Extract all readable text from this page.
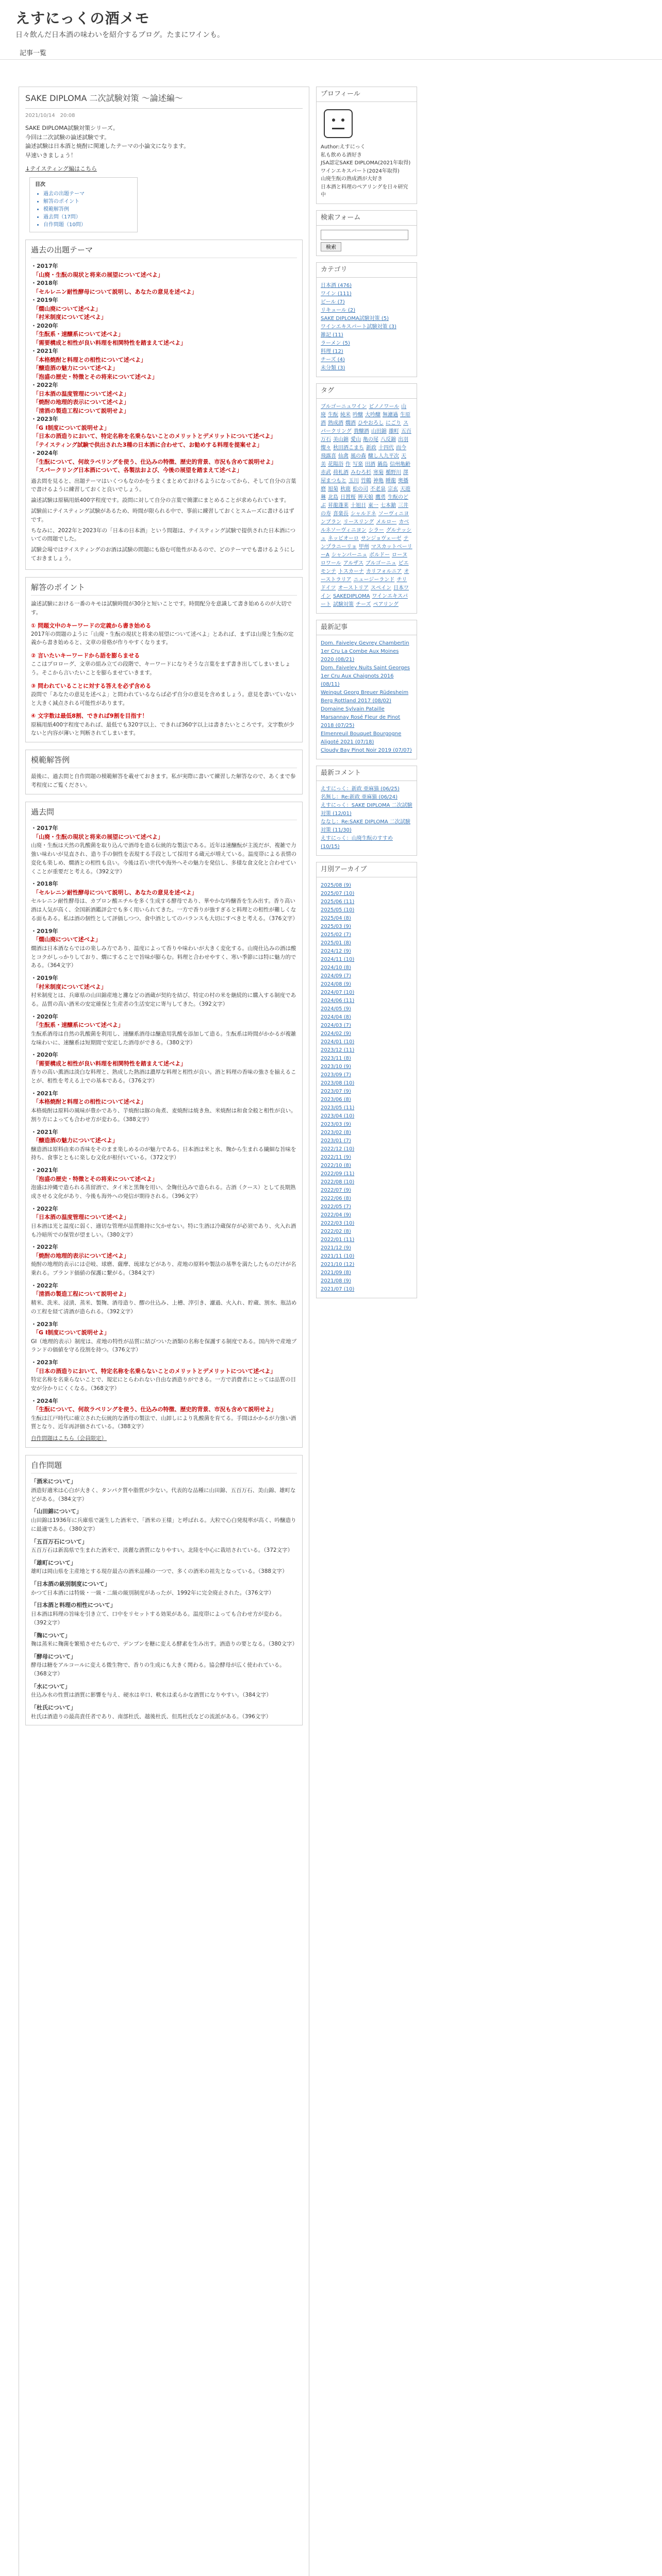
えすにっくの酒メモ
日々飲んだ日本酒の味わいを紹介するブログ。たまにワインも。
記事一覧
SAKE DIPLOMA 二次試験対策 〜論述編〜
2021/10/14　20:08
SAKE DIPLOMA試験対策シリーズ。
今回は二次試験の論述試験です。
論述試験は日本酒と焼酎に関連したテーマの小論文になります。
早速いきましょう！
↓テイスティング編はこちら
目次
• 過去の出題テーマ
• 解答のポイント
• 模範解答例
• 過去問（17問）
• 自作問題（10問）
過去の出題テーマ
・2017年
「山廃・生酛の現状と将来の展望について述べよ」
・2018年
「セルレニン耐性酵母について説明し、あなたの意見を述べよ」
・2019年
「燗山廃について述べよ」
「村米制度について述べよ」
・2020年
「生酛系・速醸系について述べよ」
「需要構成と相性が良い料理を相関特性を踏まえて述べよ」
・2021年
「本格焼酎と料理との相性について述べよ」
「醸造酒の魅力について述べよ」
「泡盛の歴史・特徴とその将来について述べよ」
・2022年
「日本酒の温度管理について述べよ」
「焼酎の地理的表示について述べよ」
「清酒の製造工程について説明せよ」
・2023年
「G I制度について説明せよ」
「日本の酒造りにおいて、特定名称を名乗らないことのメリットとデメリットについて述べよ」
「テイスティング試験で供出された3種の日本酒に合わせて、お勧めする料理を提案せよ」
・2024年
「生酛について、何故ラベリングを使う、仕込みの特徴、歴史的背景、市況も含めて説明せよ」
「スパークリング日本酒について、各製法および、今後の展望を踏まえて述べよ」
過去問を見ると、出題テーマはいくつもなのかをうまくまとめておけるようになってから、そして自分の言葉で書けるように練習しておくと良いでしょう。
論述試験は原稿用紙400字程度です。設問に対して自分の言葉で簡潔にまとめることが求められています。
試験前にテイスティング試験があるため、時間が限られる中で、事前に練習しておくとスムーズに書けるはずです。
ちなみに、2022年と2023年の「日本の日本酒」という問題は、テイスティング試験で提供された日本酒についての問題でした。
試験会場ではテイスティングのお酒は試験の問題にも絡む可能性があるので、どのテーマでも書けるようにしておきましょう。
解答のポイント
論述試験における一番のキモは試験時間が30分と短いことです。時間配分を意識して書き始めるのが大切です。
① 問題文中のキーワードの定義から書き始める
2017年の問題のように「山廃・生酛の現状と将来の展望について述べよ」とあれば、まずは山廃と生酛の定義から書き始めると、文章の骨格が作りやすくなります。
② 言いたいキーワードから語を膨らませる
ここはプロローグ、文章の組み立ての段階で、キーワードになりそうな言葉をまず書き出してしまいましょう。そこから言いたいことを膨らませていきます。
③ 問われていることに対する答えを必ず含める
設問で「あなたの意見を述べよ」と問われているならば必ず自分の意見を含めましょう。意見を書いていないと大きく減点される可能性があります。
④ 文字数は最低8割、できれば9割を目指す！
原稿用紙400字程度であれば、最低でも320字以上、できれば360字以上は書きたいところです。文字数が少ないと内容が薄いと判断されてしまいます。
模範解答例
最後に、過去問と自作問題の模範解答を載せておきます。私が実際に書いて練習した解答なので、あくまで参考程度にご覧ください。
過去問
・2017年
「山廃・生酛の現状と将来の展望について述べよ」
山廃・生酛は天然の乳酸菌を取り込んで酒母を造る伝統的な製法である。近年は速醸酛が主流だが、複雑で力強い味わいが見直され、造り手の個性を表現する手段として採用する蔵元が増えている。温度帯による表情の変化も楽しめ、燗酒との相性も良い。今後は若い世代や海外へその魅力を発信し、多様な食文化と合わせていくことが重要だと考える。（392文字）
・2018年
「セルレニン耐性酵母について説明し、あなたの意見を述べよ」
セルレニン耐性酵母は、カプロン酸エチルを多く生成する酵母であり、華やかな吟醸香を生み出す。香り高い酒は人気が高く、全国新酒鑑評会でも多く用いられてきた。一方で香りが強すぎると料理との相性が難しくなる面もある。私は酒の個性として評価しつつ、食中酒としてのバランスも大切にすべきと考える。（376文字）
・2019年
「燗山廃について述べよ」
燗酒は日本酒ならではの楽しみ方であり、温度によって香りや味わいが大きく変化する。山廃仕込みの酒は酸とコクがしっかりしており、燗にすることで旨味が膨らむ。料理と合わせやすく、寒い季節には特に魅力的である。（364文字）
・2019年
「村米制度について述べよ」
村米制度とは、兵庫県の山田錦産地と灘などの酒蔵が契約を結び、特定の村の米を継続的に購入する制度である。品質の高い酒米の安定確保と生産者の生活安定に寄与してきた。（392文字）
・2020年
「生酛系・速醸系について述べよ」
生酛系酒母は自然の乳酸菌を利用し、速醸系酒母は醸造用乳酸を添加して造る。生酛系は時間がかかるが複雑な味わいに、速醸系は短期間で安定した酒母ができる。（380文字）
・2020年
「需要構成と相性が良い料理を相関特性を踏まえて述べよ」
香りの高い薫酒は淡白な料理と、熟成した熟酒は濃厚な料理と相性が良い。酒と料理の香味の強さを揃えることが、相性を考える上での基本である。（376文字）
・2021年
「本格焼酎と料理との相性について述べよ」
本格焼酎は原料の風味が豊かであり、芋焼酎は豚の角煮、麦焼酎は焼き魚、米焼酎は和食全般と相性が良い。割り方によっても合わせ方が変わる。（388文字）
・2021年
「醸造酒の魅力について述べよ」
醸造酒は原料由来の香味をそのまま楽しめるのが魅力である。日本酒は米と水、麹から生まれる繊細な旨味を持ち、食事とともに楽しむ文化が根付いている。（372文字）
・2021年
「泡盛の歴史・特徴とその将来について述べよ」
泡盛は沖縄で造られる蒸留酒で、タイ米と黒麹を用い、全麹仕込みで造られる。古酒（クース）として長期熟成させる文化があり、今後も海外への発信が期待される。（396文字）
・2022年
「日本酒の温度管理について述べよ」
日本酒は光と温度に弱く、適切な管理が品質維持に欠かせない。特に生酒は冷蔵保存が必須であり、火入れ酒も冷暗所での保管が望ましい。（380文字）
・2022年
「焼酎の地理的表示について述べよ」
焼酎の地理的表示には壱岐、球磨、薩摩、琉球などがあり、産地の原料や製法の基準を満たしたものだけが名乗れる。ブランド価値の保護に繋がる。（384文字）
・2022年
「清酒の製造工程について説明せよ」
精米、洗米、浸漬、蒸米、製麹、酒母造り、醪の仕込み、上槽、滓引き、濾過、火入れ、貯蔵、割水、瓶詰めの工程を経て清酒が造られる。（392文字）
・2023年
「G I制度について説明せよ」
GI（地理的表示）制度は、産地の特性が品質に結びついた酒類の名称を保護する制度である。国内外で産地ブランドの価値を守る役割を持つ。（376文字）
・2023年
「日本の酒造りにおいて、特定名称を名乗らないことのメリットとデメリットについて述べよ」
特定名称を名乗らないことで、規定にとらわれない自由な酒造りができる。一方で消費者にとっては品質の目安が分かりにくくなる。（368文字）
・2024年
「生酛について、何故ラベリングを使う、仕込みの特徴、歴史的背景、市況も含めて説明せよ」
生酛は江戸時代に確立された伝統的な酒母の製法で、山卸しにより乳酸菌を育てる。手間はかかるが力強い酒質となり、近年再評価されている。（388文字）
自作問題はこちら（会員限定）
自作問題
「酒米について」
酒造好適米は心白が大きく、タンパク質や脂質が少ない。代表的な品種に山田錦、五百万石、美山錦、雄町などがある。（384文字）
「山田錦について」
山田錦は1936年に兵庫県で誕生した酒米で、「酒米の王様」と呼ばれる。大粒で心白発現率が高く、吟醸造りに最適である。（380文字）
「五百万石について」
五百万石は新潟県で生まれた酒米で、淡麗な酒質になりやすい。北陸を中心に栽培されている。（372文字）
「雄町について」
雄町は岡山県を主産地とする現存最古の酒米品種の一つで、多くの酒米の祖先となっている。（388文字）
「日本酒の級別制度について」
かつて日本酒には特級・一級・二級の級別制度があったが、1992年に完全廃止された。（376文字）
「日本酒と料理の相性について」
日本酒は料理の旨味を引き立て、口中をリセットする効果がある。温度帯によっても合わせ方が変わる。（392文字）
「麹について」
麹は蒸米に麹菌を繁殖させたもので、デンプンを糖に変える酵素を生み出す。酒造りの要となる。（380文字）
「酵母について」
酵母は糖をアルコールに変える微生物で、香りの生成にも大きく関わる。協会酵母が広く使われている。（368文字）
「水について」
仕込み水の性質は酒質に影響を与え、硬水は辛口、軟水は柔らかな酒質になりやすい。（384文字）
「杜氏について」
杜氏は酒造りの最高責任者であり、南部杜氏、越後杜氏、但馬杜氏などの流派がある。（396文字）
プロフィール
Author:えすにっく
私も飲める酒好き
JSA認定SAKE DIPLOMA(2021年取得)
ワインエキスパート(2024年取得)
山廃生酛の熟成酒が大好き
日本酒と料理のペアリングを日々研究中
検索フォーム
検索
カテゴリ
日本酒 (476)
ワイン (111)
ビール (7)
リキュール (2)
SAKE DIPLOMA試験対策 (5)
ワインエキスパート試験対策 (3)
雑記 (11)
ラーメン (5)
料理 (12)
チーズ (4)
未分類 (3)
タグ
ブルゴーニュワイン ピノノワール 山廃 生酛 純米 吟醸 大吟醸 無濾過 生原酒 熟成酒 燗酒 ひやおろし にごり スパークリング 貴醸酒 山田錦 雄町 五百万石 美山錦 愛山 亀の尾 八反錦 出羽燦々 秋田酒こまち 新政 十四代 而今飛露喜 仙禽 風の森 醸し人九平次 天美 花陽浴 作 写楽 田酒 鍋島 信州亀齢赤武 荷札酒 みむろ杉 寒菊 楯野川 澤屋まつもと 玉川 竹鶴 神亀 睡龍 奥播磨 旭菊 秋鹿 松の司 不老泉 宗玄 天遊琳 北島 日置桜 辨天娘 鷹勇 生酛のどぶ 昇龍蓬莱 十旭日 東一 七本鎗 三井の寿 喜楽長 シャルドネ ソーヴィニヨンブラン リースリング メルロー カベルネソーヴィニヨン シラー グルナッシュ ネッビオーロ サンジョヴェーゼ テンプラニーリョ 甲州 マスカットベーリーA シャンパーニュ ボルドー ローヌロワール アルザス ブルゴーニュ ピエモンテ トスカーナ カリフォルニア オーストラリア ニュージーランド チリドイツ オーストリア スペイン 日本ワイン SAKEDIPLOMA ワインエキスパート 試験対策 チーズ ペアリング
最新記事
Dom. Faiveley Gevrey Chambertin 1er Cru La Combe Aux Moines 2020 (08/21)
Dom. Faiveley Nuits Saint Georges 1er Cru Aux Chaignots 2016 (08/11)
Weingut Georg Breuer Rüdesheim Berg Rottland 2017 (08/02)
Domaine Sylvain Pataille Marsannay Rosé Fleur de Pinot 2018 (07/25)
Elmenreuil Bouquet Bourgogne Aligoté 2021 (07/18)
Cloudy Bay Pinot Noir 2019 (07/07)
最新コメント
えすにっく：新政 亜麻猫 (06/25)
名無し：Re:新政 亜麻猫 (06/24)
えすにっく：SAKE DIPLOMA 二次試験対策 (12/01)
ななし：Re:SAKE DIPLOMA 二次試験対策 (11/30)
えすにっく：山廃生酛のすすめ (10/15)
月別アーカイブ
2025/08 (9)
2025/07 (10)
2025/06 (11)
2025/05 (10)
2025/04 (8)
2025/03 (9)
2025/02 (7)
2025/01 (8)
2024/12 (9)
2024/11 (10)
2024/10 (8)
2024/09 (7)
2024/08 (9)
2024/07 (10)
2024/06 (11)
2024/05 (9)
2024/04 (8)
2024/03 (7)
2024/02 (9)
2024/01 (10)
2023/12 (11)
2023/11 (8)
2023/10 (9)
2023/09 (7)
2023/08 (10)
2023/07 (9)
2023/06 (8)
2023/05 (11)
2023/04 (10)
2023/03 (9)
2023/02 (8)
2023/01 (7)
2022/12 (10)
2022/11 (9)
2022/10 (8)
2022/09 (11)
2022/08 (10)
2022/07 (9)
2022/06 (8)
2022/05 (7)
2022/04 (9)
2022/03 (10)
2022/02 (8)
2022/01 (11)
2021/12 (9)
2021/11 (10)
2021/10 (12)
2021/09 (8)
2021/08 (9)
2021/07 (10)
